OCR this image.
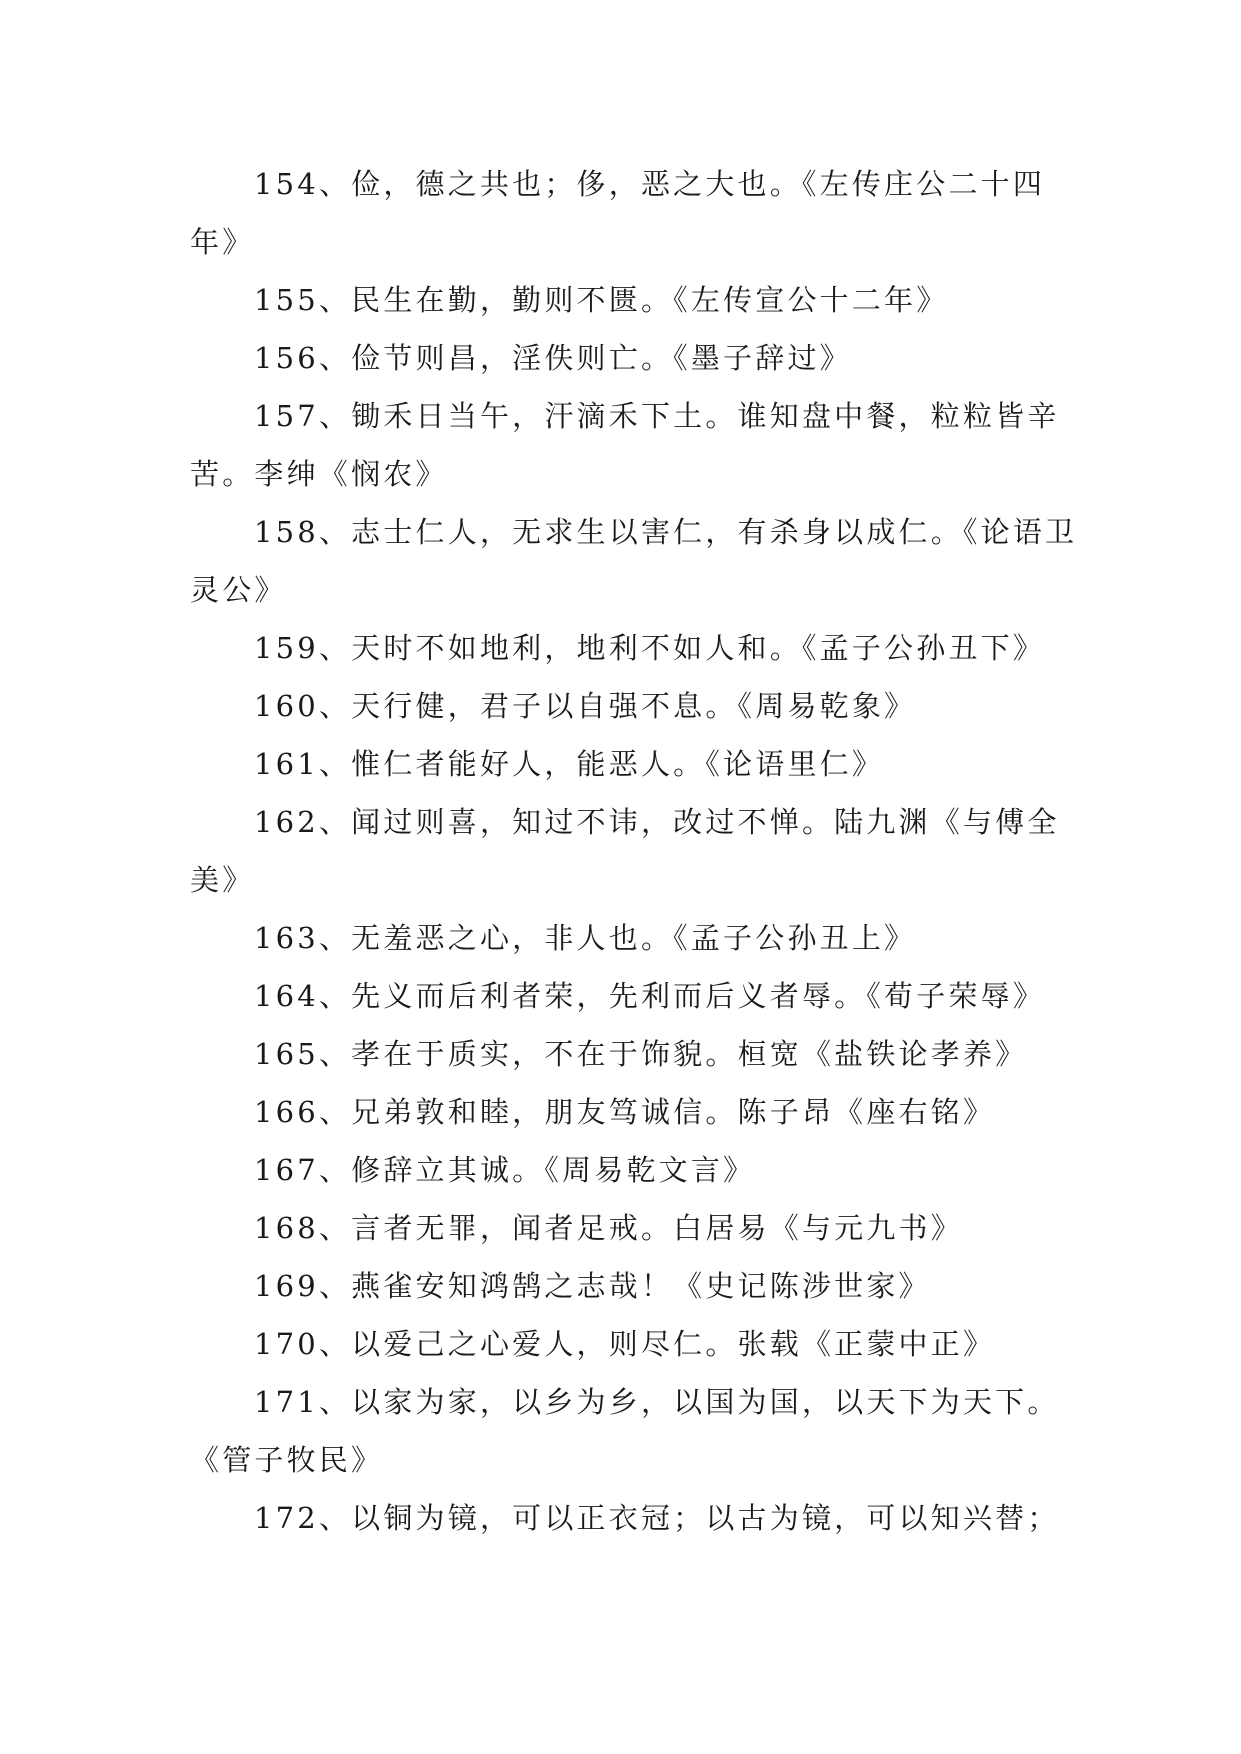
154、俭，德之共也；侈，恶之大也。《左传庄公二十四年》

155、民生在勤，勤则不匮。《左传宣公十二年》

156、俭节则昌，淫佚则亡。《墨子辞过》

157、锄禾日当午，汗滴禾下土。谁知盘中餐，粒粒皆辛苦。李绅《悯农》

158、志士仁人，无求生以害仁，有杀身以成仁。《论语卫灵公》

159、天时不如地利，地利不如人和。《孟子公孙丑下》

160、天行健，君子以自强不息。《周易乾象》

161、惟仁者能好人，能恶人。《论语里仁》

162、闻过则喜，知过不讳，改过不惮。陆九渊《与傅全美》

163、无羞恶之心，非人也。《孟子公孙丑上》

164、先义而后利者荣，先利而后义者辱。《荀子荣辱》

165、孝在于质实，不在于饰貌。桓宽《盐铁论孝养》

166、兄弟敦和睦，朋友笃诚信。陈子昂《座右铭》

167、修辞立其诚。《周易乾文言》

168、言者无罪，闻者足戒。白居易《与元九书》

169、燕雀安知鸿鹄之志哉！《史记陈涉世家》

170、以爱己之心爱人，则尽仁。张载《正蒙中正》

171、以家为家，以乡为乡，以国为国，以天下为天下。《管子牧民》

172、以铜为镜，可以正衣冠；以古为镜，可以知兴替；
